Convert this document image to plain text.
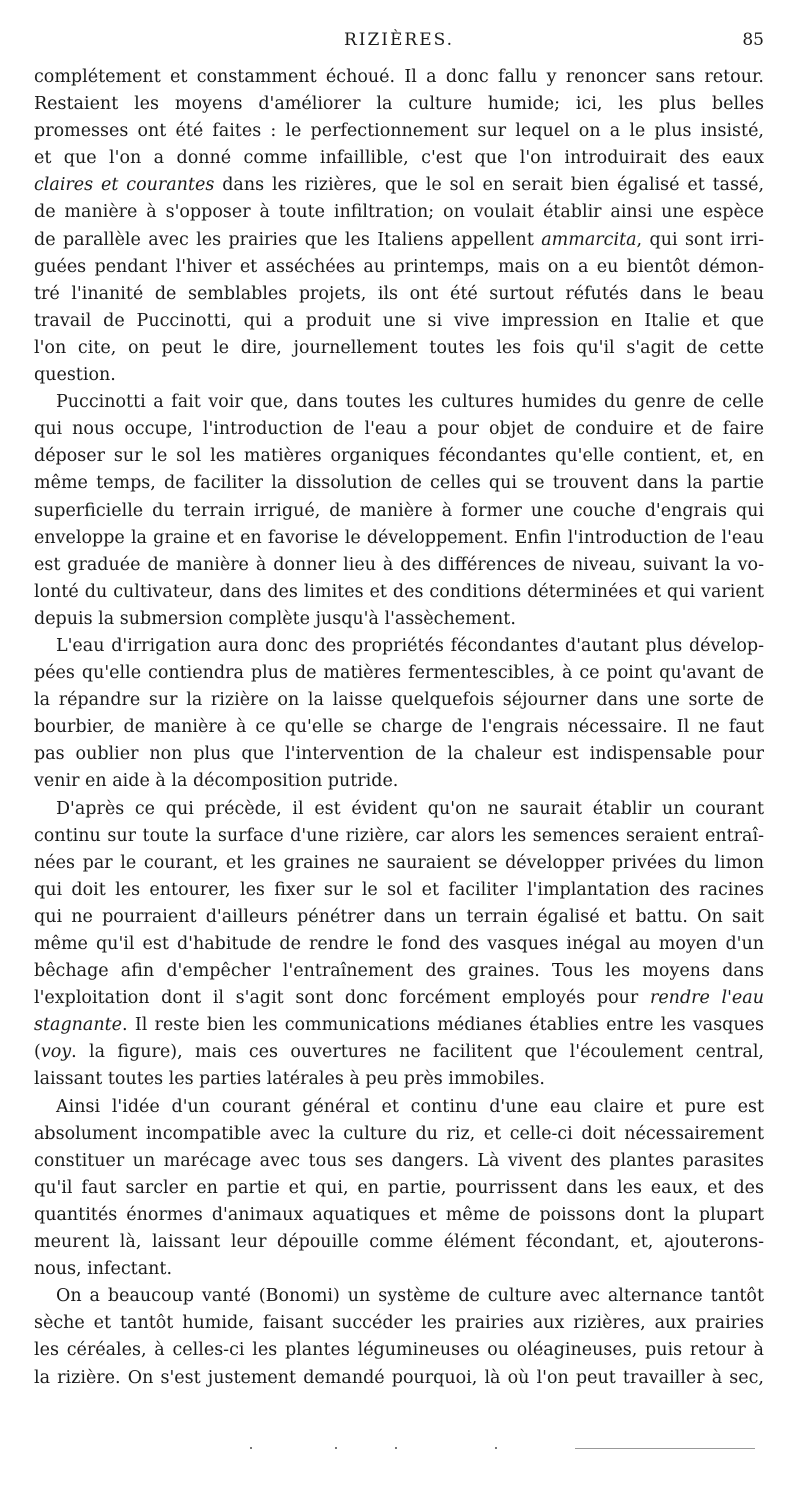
RIZIÈRES.	85
complétement et constamment échoué. Il a donc fallu y renoncer sans retour.
Restaient les moyens d'améliorer la culture humide; ici, les plus belles
promesses ont été faites : le perfectionnement sur lequel on a le plus insisté,
et que l'on a donné comme infaillible, c'est que l'on introduirait des eaux
claires et courantes dans les rizières, que le sol en serait bien égalisé et tassé,
de manière à s'opposer à toute infiltration; on voulait établir ainsi une espèce
de parallèle avec les prairies que les Italiens appellent ammarcita, qui sont irri-
guées pendant l'hiver et asséchées au printemps, mais on a eu bientôt démon-
tré l'inanité de semblables projets, ils ont été surtout réfutés dans le beau
travail de Puccinotti, qui a produit une si vive impression en Italie et que
l'on cite, on peut le dire, journellement toutes les fois qu'il s'agit de cette
question.
Puccinotti a fait voir que, dans toutes les cultures humides du genre de celle
qui nous occupe, l'introduction de l'eau a pour objet de conduire et de faire
déposer sur le sol les matières organiques fécondantes qu'elle contient, et, en
même temps, de faciliter la dissolution de celles qui se trouvent dans la partie
superficielle du terrain irrigué, de manière à former une couche d'engrais qui
enveloppe la graine et en favorise le développement. Enfin l'introduction de l'eau
est graduée de manière à donner lieu à des différences de niveau, suivant la vo-
lonté du cultivateur, dans des limites et des conditions déterminées et qui varient
depuis la submersion complète jusqu'à l'assèchement.
L'eau d'irrigation aura donc des propriétés fécondantes d'autant plus dévelop-
pées qu'elle contiendra plus de matières fermentescibles, à ce point qu'avant de
la répandre sur la rizière on la laisse quelquefois séjourner dans une sorte de
bourbier, de manière à ce qu'elle se charge de l'engrais nécessaire. Il ne faut
pas oublier non plus que l'intervention de la chaleur est indispensable pour
venir en aide à la décomposition putride.
D'après ce qui précède, il est évident qu'on ne saurait établir un courant
continu sur toute la surface d'une rizière, car alors les semences seraient entraî-
nées par le courant, et les graines ne sauraient se développer privées du limon
qui doit les entourer, les fixer sur le sol et faciliter l'implantation des racines
qui ne pourraient d'ailleurs pénétrer dans un terrain égalisé et battu. On sait
même qu'il est d'habitude de rendre le fond des vasques inégal au moyen d'un
bêchage afin d'empêcher l'entraînement des graines. Tous les moyens dans
l'exploitation dont il s'agit sont donc forcément employés pour rendre l'eau
stagnante. Il reste bien les communications médianes établies entre les vasques
(voy. la figure), mais ces ouvertures ne facilitent que l'écoulement central,
laissant toutes les parties latérales à peu près immobiles.
Ainsi l'idée d'un courant général et continu d'une eau claire et pure est
absolument incompatible avec la culture du riz, et celle-ci doit nécessairement
constituer un marécage avec tous ses dangers. Là vivent des plantes parasites
qu'il faut sarcler en partie et qui, en partie, pourrissent dans les eaux, et des
quantités énormes d'animaux aquatiques et même de poissons dont la plupart
meurent là, laissant leur dépouille comme élément fécondant, et, ajouterons-
nous, infectant.
On a beaucoup vanté (Bonomi) un système de culture avec alternance tantôt
sèche et tantôt humide, faisant succéder les prairies aux rizières, aux prairies
les céréales, à celles-ci les plantes légumineuses ou oléagineuses, puis retour à
la rizière. On s'est justement demandé pourquoi, là où l'on peut travailler à sec,
